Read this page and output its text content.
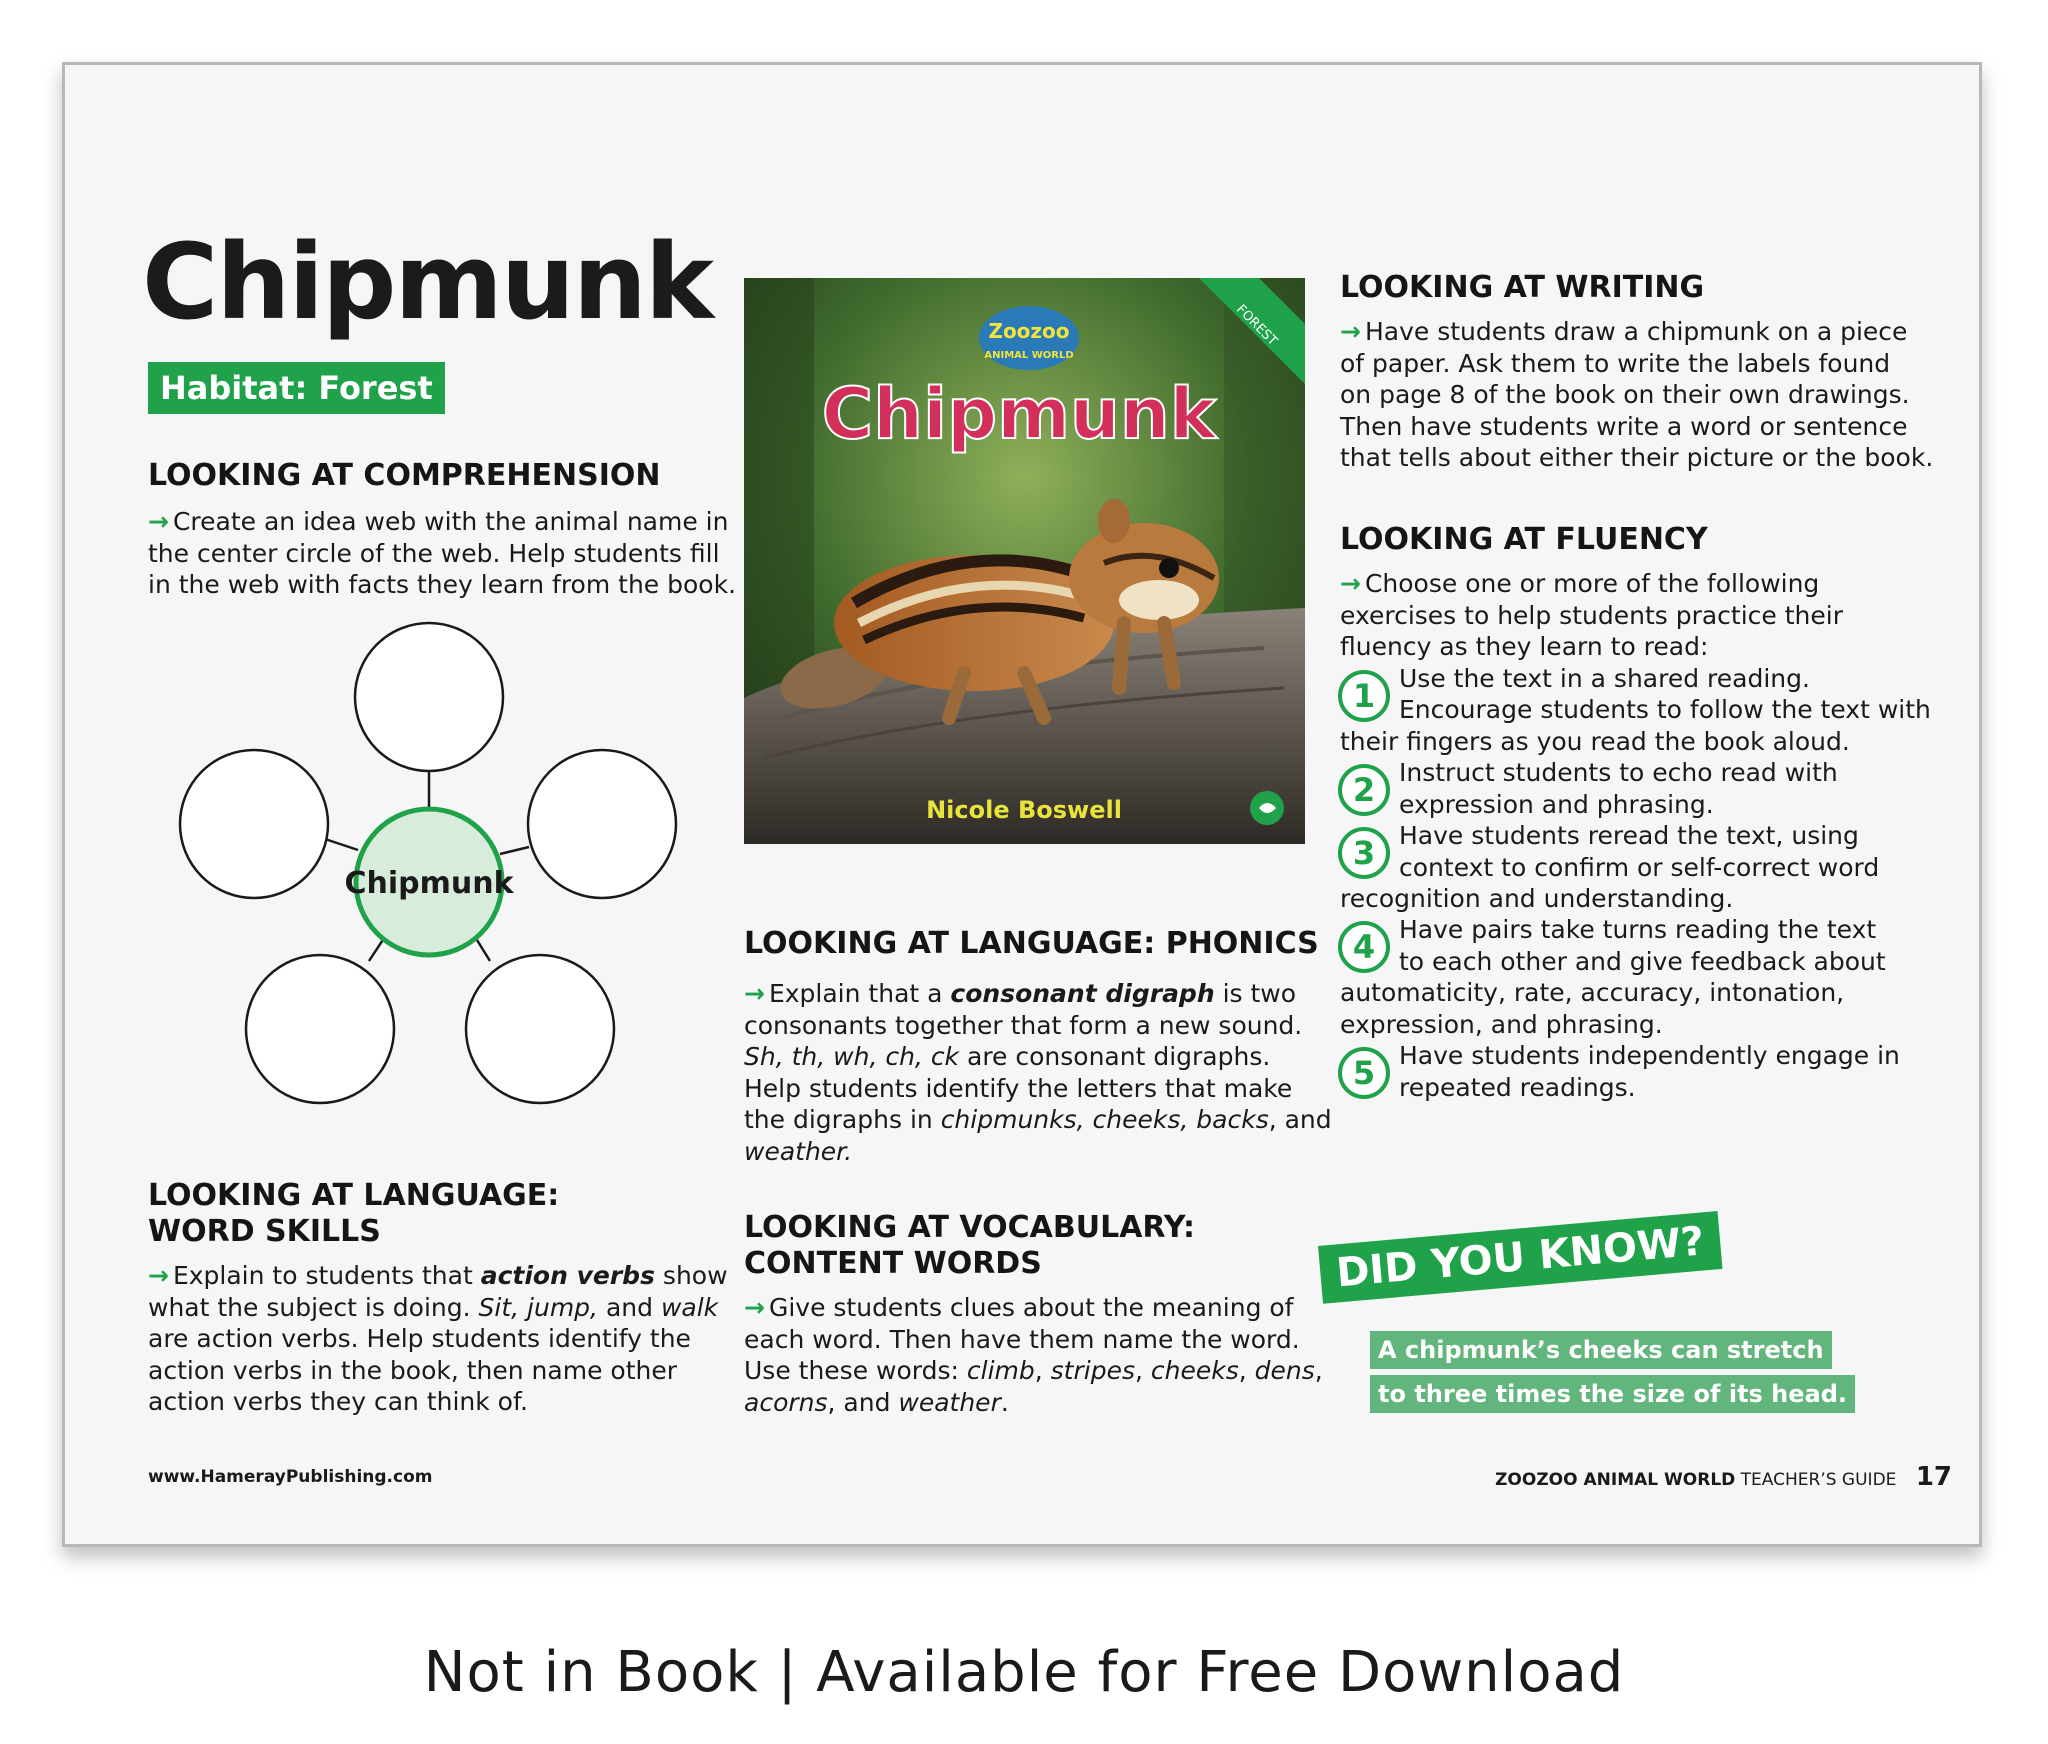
Chipmunk
Habitat: Forest
LOOKING AT COMPREHENSION
→ Create an idea web with the animal name in
the center circle of the web. Help students fill
in the web with facts they learn from the book.
Chipmunk
LOOKING AT LANGUAGE:
WORD SKILLS
→ Explain to students that action verbs show
what the subject is doing. Sit, jump, and walk
are action verbs. Help students identify the
action verbs in the book, then name other
action verbs they can think of.
Zoozoo
ANIMAL WORLD
Chipmunk
FOREST
Nicole Boswell
LOOKING AT LANGUAGE: PHONICS
→ Explain that a consonant digraph is two
consonants together that form a new sound.
Sh, th, wh, ch, ck are consonant digraphs.
Help students identify the letters that make
the digraphs in chipmunks, cheeks, backs, and
weather.
LOOKING AT VOCABULARY:
CONTENT WORDS
→ Give students clues about the meaning of
each word. Then have them name the word.
Use these words: climb, stripes, cheeks, dens,
acorns, and weather.
LOOKING AT WRITING
→ Have students draw a chipmunk on a piece
of paper. Ask them to write the labels found
on page 8 of the book on their own drawings.
Then have students write a word or sentence
that tells about either their picture or the book.
LOOKING AT FLUENCY
→ Choose one or more of the following
exercises to help students practice their
fluency as they learn to read:
1 Use the text in a shared reading.
Encourage students to follow the text with
their fingers as you read the book aloud.
2 Instruct students to echo read with
expression and phrasing.
3 Have students reread the text, using
context to confirm or self-correct word
recognition and understanding.
4 Have pairs take turns reading the text
to each other and give feedback about
automaticity, rate, accuracy, intonation,
expression, and phrasing.
5 Have students independently engage in
repeated readings.
DID YOU KNOW?
A chipmunk’s cheeks can stretch
to three times the size of its head.
www.HamerayPublishing.com	ZOOZOO ANIMAL WORLD TEACHER’S GUIDE 17
Not in Book | Available for Free Download
